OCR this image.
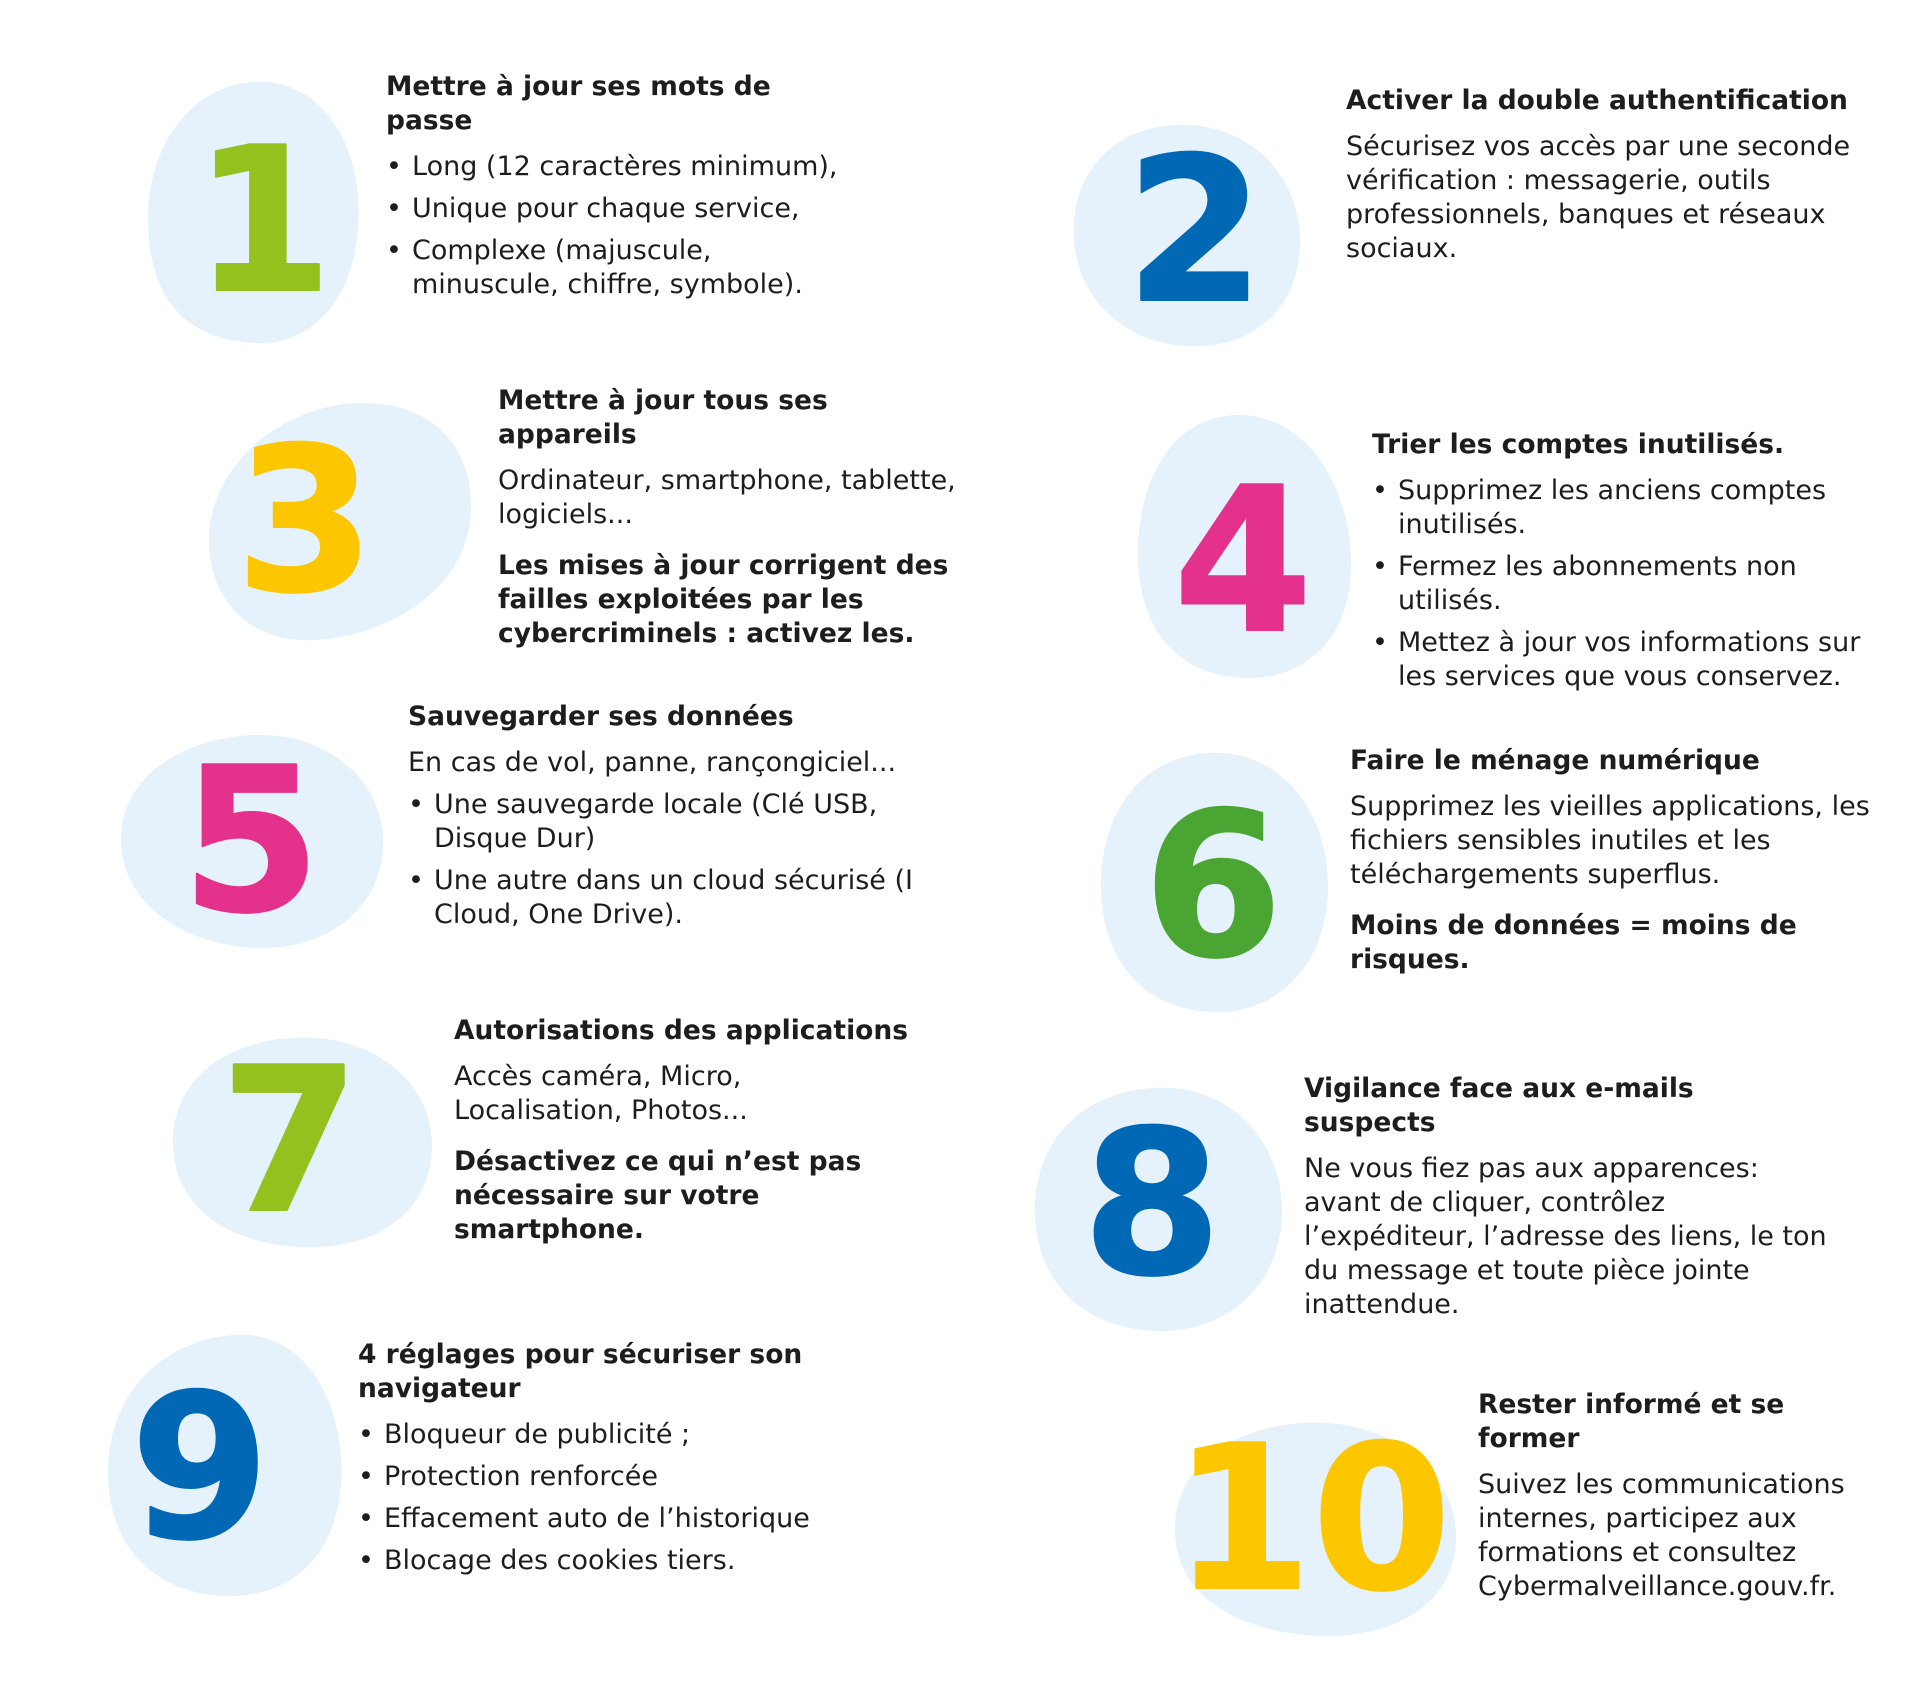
1
Mettre à jour ses mots de passe
• Long (12 caractères minimum),
• Unique pour chaque service,
• Complexe (majuscule, minuscule, chiffre, symbole). 2
Activer la double authentification
Sécurisez vos accès par une seconde vérification : messagerie, outils professionnels, banques et réseaux sociaux.
3
Mettre à jour tous ses appareils
Ordinateur, smartphone, tablette, logiciels...
Les mises à jour corrigent des failles exploitées par les cybercriminels : activez les. 4
Trier les comptes inutilisés.
• Supprimez les anciens comptes inutilisés.
• Fermez les abonnements non utilisés.
• Mettez à jour vos informations sur les services que vous conservez.
5
Sauvegarder ses données
En cas de vol, panne, rançongiciel...
• Une sauvegarde locale (Clé USB, Disque Dur)
• Une autre dans un cloud sécurisé (I Cloud, One Drive).	6
Faire le ménage numérique
Supprimez les vieilles applications, les fichiers sensibles inutiles et les téléchargements superflus.
Moins de données = moins de risques.
7	Autorisations des applications
Accès caméra, Micro, Localisation, Photos...
Désactivez ce qui n’est pas nécessaire sur votre smartphone.	8	Vigilance face aux e-mails suspects
Ne vous fiez pas aux apparences: avant de cliquer, contrôlez l’expéditeur, l’adresse des liens, le ton du message et toute pièce jointe inattendue.
9	4 réglages pour sécuriser son navigateur
• Bloqueur de publicité ;
• Protection renforcée
• Effacement auto de l’historique
• Blocage des cookies tiers.	10 Rester informé et se former
Suivez les communications internes, participez aux formations et consultez Cybermalveillance.gouv.fr.
